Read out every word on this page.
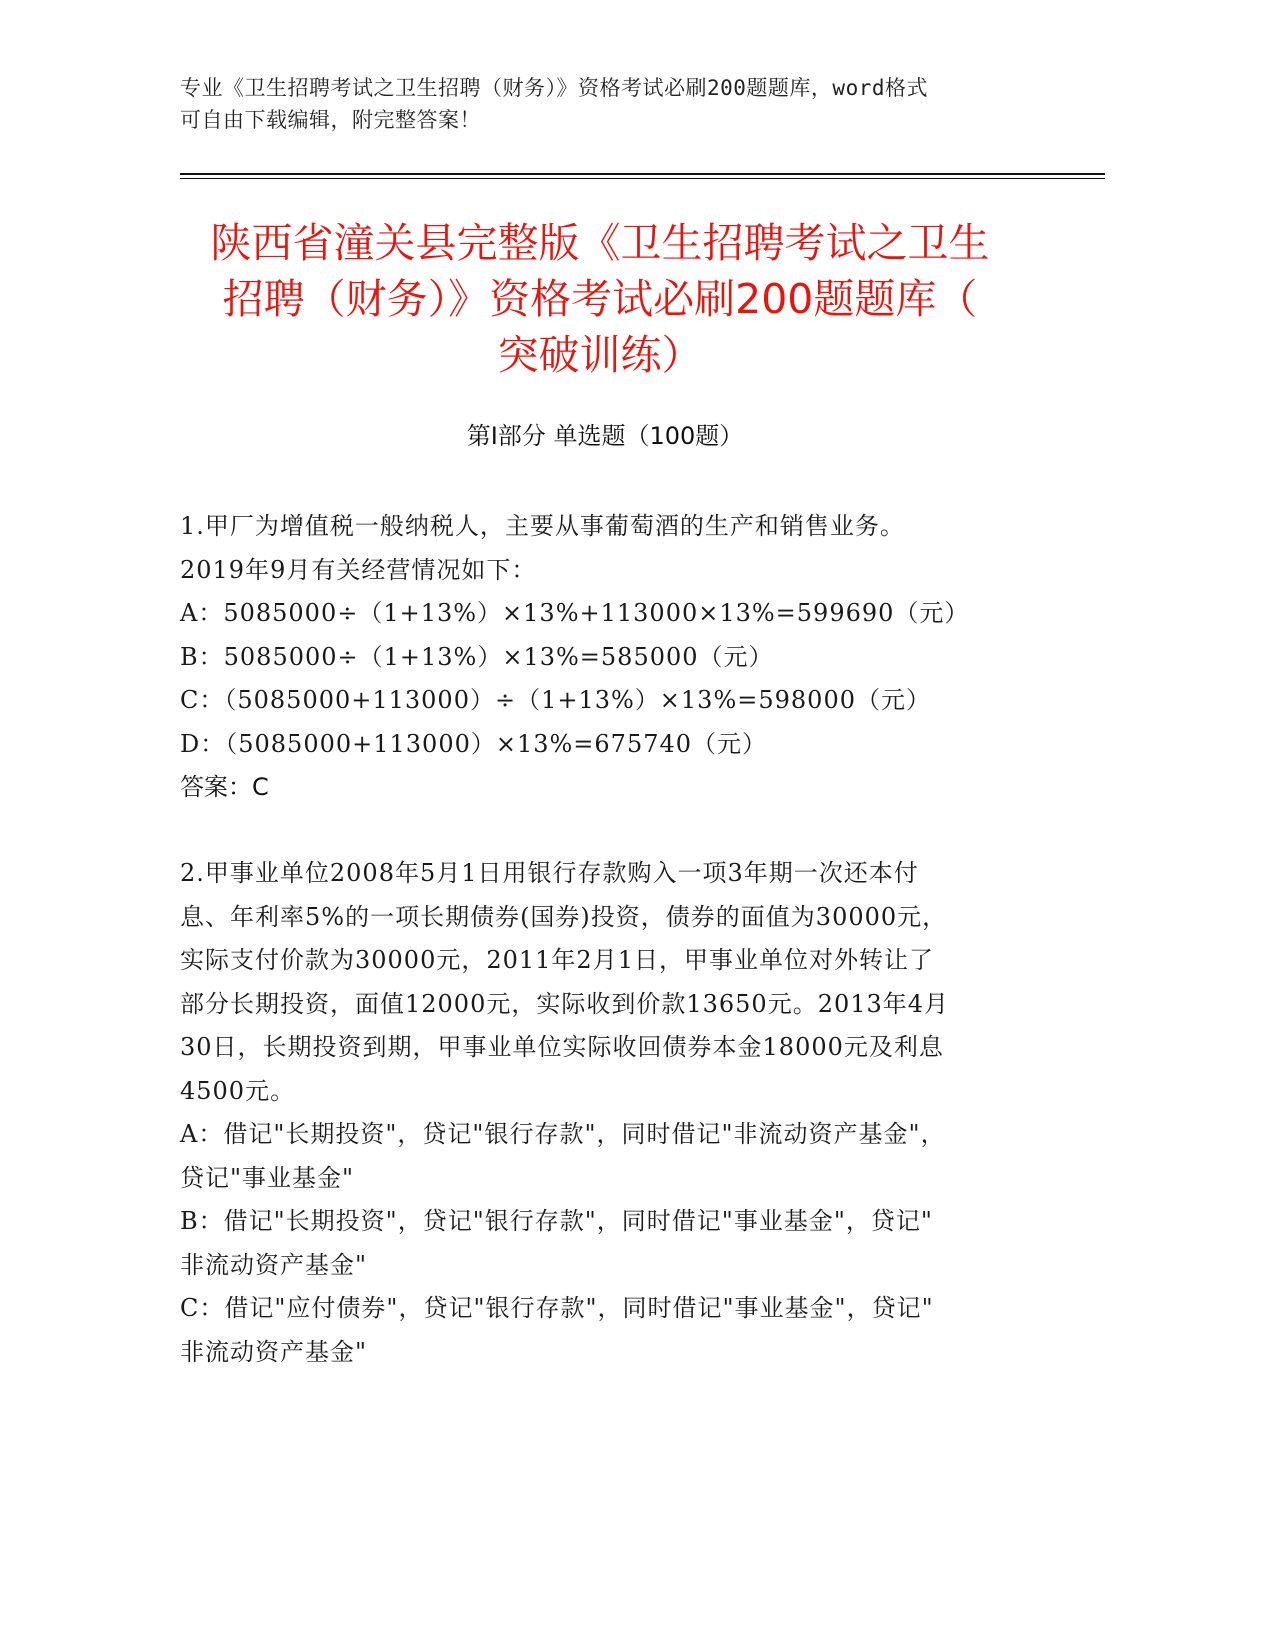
专业《卫生招聘考试之卫生招聘（财务）》资格考试必刷200题题库，word格式
可自由下载编辑，附完整答案！
陕西省潼关县完整版《卫生招聘考试之卫生
招聘（财务）》资格考试必刷200题题库（
突破训练）
第Ⅰ部分 单选题（100题）
1.甲厂为增值税一般纳税人，主要从事葡萄酒的生产和销售业务。
2019年9月有关经营情况如下：
A：5085000÷（1+13%）×13%+113000×13%=599690（元）
B：5085000÷（1+13%）×13%=585000（元）
C：（5085000+113000）÷（1+13%）×13%=598000（元）
D：（5085000+113000）×13%=675740（元）
答案：C
2.甲事业单位2008年5月1日用银行存款购入一项3年期一次还本付
息、年利率5%的一项长期债券(国券)投资，债券的面值为30000元，
实际支付价款为30000元，2011年2月1日，甲事业单位对外转让了
部分长期投资，面值12000元，实际收到价款13650元。2013年4月
30日，长期投资到期，甲事业单位实际收回债券本金18000元及利息
4500元。
A：借记"长期投资"，贷记"银行存款"，同时借记"非流动资产基金"，
贷记"事业基金"
B：借记"长期投资"，贷记"银行存款"，同时借记"事业基金"，贷记"
非流动资产基金"
C：借记"应付债券"，贷记"银行存款"，同时借记"事业基金"，贷记"
非流动资产基金"
